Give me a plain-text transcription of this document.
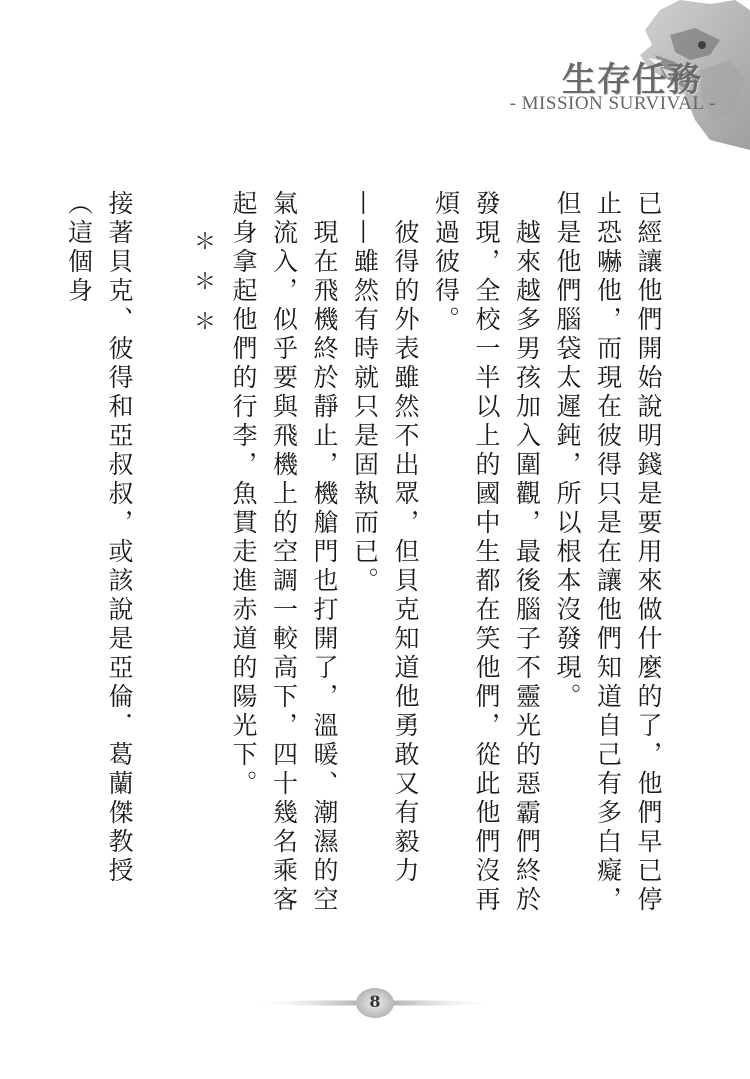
生存任務
- MISSION SURVIVAL -

已經讓他們開始說明錢是要用來做什麼的了，他們早已停止恐嚇他，而現在彼得只是在讓他們知道自己有多白癡，但是他們腦袋太遲鈍，所以根本沒發現。

越來越多男孩加入圍觀，最後腦子不靈光的惡霸們終於發現，全校一半以上的國中生都在笑他們，從此他們沒再煩過彼得。

彼得的外表雖然不出眾，但貝克知道他勇敢又有毅力——雖然有時就只是固執而已。

現在飛機終於靜止，機艙門也打開了，溫暖、潮濕的空氣流入，似乎要與飛機上的空調一較高下，四十幾名乘客起身拿起他們的行李，魚貫走進赤道的陽光下。

＊＊＊

接著貝克、彼得和亞叔叔，或該說是亞倫．葛蘭傑教授（這個身

8
